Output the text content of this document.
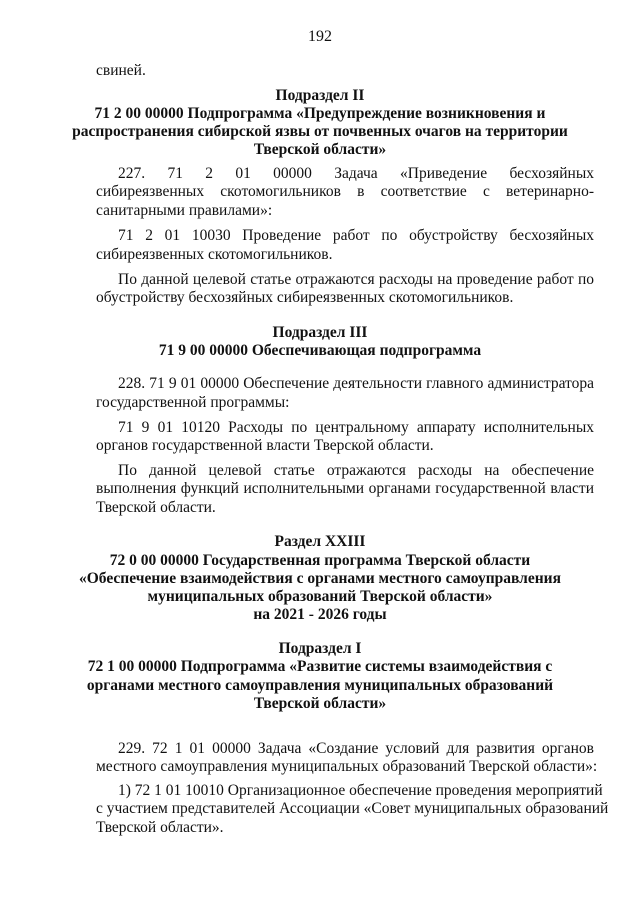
192
свиней.
Подраздел II
71 2 00 00000 Подпрограмма «Предупреждение возникновения и
распространения сибирской язвы от почвенных очагов на территории
Тверской области»
227. 71 2 01 00000 Задача «Приведение бесхозяйных
сибиреязвенных скотомогильников в соответствие с ветеринарно-
санитарными правилами»:
71 2 01 10030 Проведение работ по обустройству бесхозяйных
сибиреязвенных скотомогильников.
По данной целевой статье отражаются расходы на проведение работ по
обустройству бесхозяйных сибиреязвенных скотомогильников.
Подраздел III
71 9 00 00000 Обеспечивающая подпрограмма
228. 71 9 01 00000 Обеспечение деятельности главного администратора
государственной программы:
71 9 01 10120 Расходы по центральному аппарату исполнительных
органов государственной власти Тверской области.
По данной целевой статье отражаются расходы на обеспечение
выполнения функций исполнительными органами государственной власти
Тверской области.
Раздел XXIII
72 0 00 00000 Государственная программа Тверской области
«Обеспечение взаимодействия с органами местного самоуправления
муниципальных образований Тверской области»
на 2021 - 2026 годы
Подраздел I
72 1 00 00000 Подпрограмма «Развитие системы взаимодействия с
органами местного самоуправления муниципальных образований
Тверской области»
229. 72 1 01 00000 Задача «Создание условий для развития органов
местного самоуправления муниципальных образований Тверской области»:
1) 72 1 01 10010 Организационное обеспечение проведения мероприятий
с участием представителей Ассоциации «Совет муниципальных образований
Тверской области».
